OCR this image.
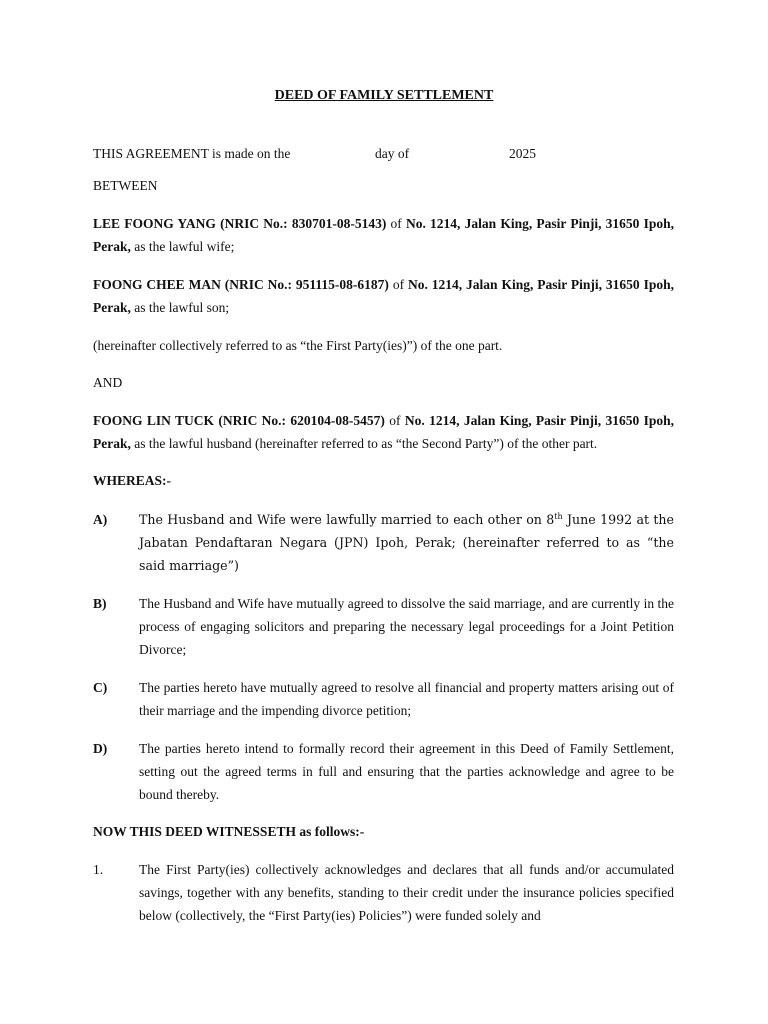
DEED OF FAMILY SETTLEMENT
THIS AGREEMENT is made on the	day of	2025
BETWEEN
LEE FOONG YANG (NRIC No.: 830701-08-5143) of No. 1214, Jalan King, Pasir Pinji, 31650 Ipoh, Perak, as the lawful wife;
FOONG CHEE MAN (NRIC No.: 951115-08-6187) of No. 1214, Jalan King, Pasir Pinji, 31650 Ipoh, Perak, as the lawful son;
(hereinafter collectively referred to as “the First Party(ies)”) of the one part.
AND
FOONG LIN TUCK (NRIC No.: 620104-08-5457) of No. 1214, Jalan King, Pasir Pinji, 31650 Ipoh, Perak, as the lawful husband (hereinafter referred to as “the Second Party”) of the other part.
WHEREAS:-
A)	The Husband and Wife were lawfully married to each other on 8th June 1992 at the Jabatan Pendaftaran Negara (JPN) Ipoh, Perak; (hereinafter referred to as “the said marriage”)
B) The Husband and Wife have mutually agreed to dissolve the said marriage, and are currently in the process of engaging solicitors and preparing the necessary legal proceedings for a Joint Petition Divorce;
C) The parties hereto have mutually agreed to resolve all financial and property matters arising out of their marriage and the impending divorce petition;
D) The parties hereto intend to formally record their agreement in this Deed of Family Settlement, setting out the agreed terms in full and ensuring that the parties acknowledge and agree to be bound thereby.
NOW THIS DEED WITNESSETH as follows:-
1.	The First Party(ies) collectively acknowledges and declares that all funds and/or accumulated savings, together with any benefits, standing to their credit under the insurance policies specified below (collectively, the “First Party(ies) Policies”) were funded solely and
